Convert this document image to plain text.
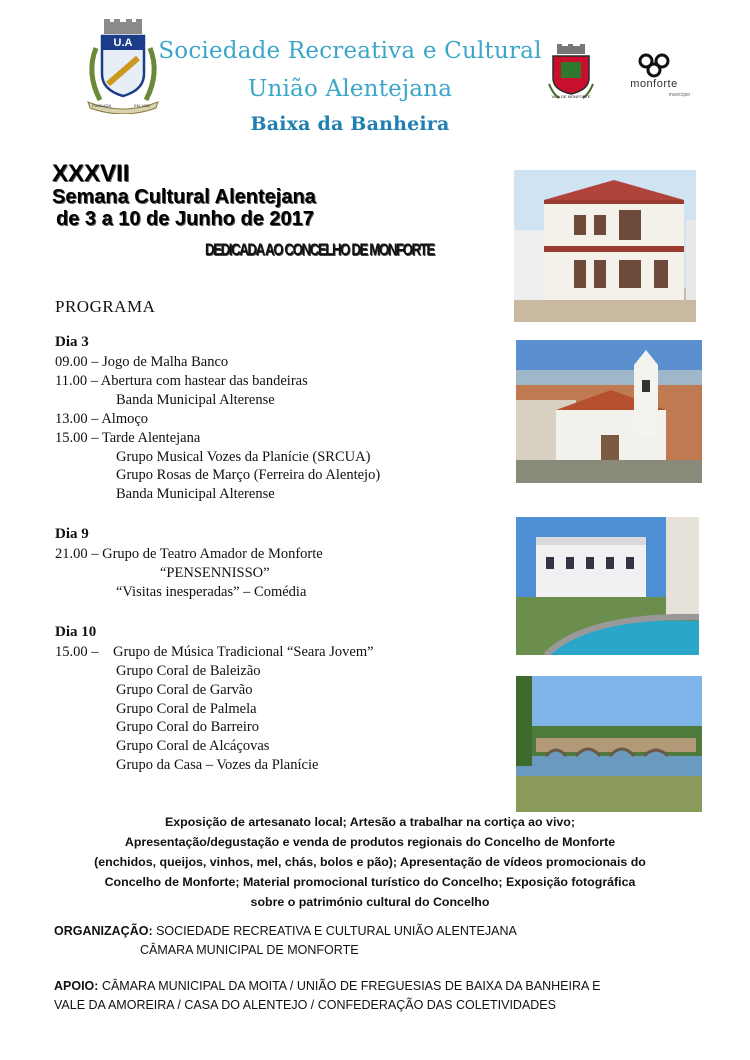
U.A
FUNDADA	EM 1962
Sociedade Recreativa e Cultural
União Alentejana
Baixa da Banheira
VILA DE MONFORTE
monforte
município
XXXVII
Semana Cultural Alentejana
de 3 a 10 de Junho de 2017
DEDICADA AO CONCELHO DE MONFORTE
PROGRAMA
Dia 3
09.00 – Jogo de Malha Banco
11.00 – Abertura com hastear das bandeiras
Banda Municipal Alterense
13.00 – Almoço
15.00 – Tarde Alentejana
Grupo Musical Vozes da Planície (SRCUA)
Grupo Rosas de Março (Ferreira do Alentejo)
Banda Municipal Alterense
Dia 9
21.00 – Grupo de Teatro Amador de Monforte
“PENSENNISSO”
“Visitas inesperadas” – Comédia
Dia 10
15.00 – Grupo de Música Tradicional “Seara Jovem”
Grupo Coral de Baleizão
Grupo Coral de Garvão
Grupo Coral de Palmela
Grupo Coral do Barreiro
Grupo Coral de Alcáçovas
Grupo da Casa – Vozes da Planície
Exposição de artesanato local; Artesão a trabalhar na cortiça ao vivo;
Apresentação/degustação e venda de produtos regionais do Concelho de Monforte
(enchidos, queijos, vinhos, mel, chás, bolos e pão); Apresentação de vídeos promocionais do
Concelho de Monforte; Material promocional turístico do Concelho; Exposição fotográfica
sobre o património cultural do Concelho
ORGANIZAÇÃO: SOCIEDADE RECREATIVA E CULTURAL UNIÃO ALENTEJANA
CÂMARA MUNICIPAL DE MONFORTE
APOIO: CÂMARA MUNICIPAL DA MOITA / UNIÃO DE FREGUESIAS DE BAIXA DA BANHEIRA E
VALE DA AMOREIRA / CASA DO ALENTEJO / CONFEDERAÇÃO DAS COLETIVIDADES
